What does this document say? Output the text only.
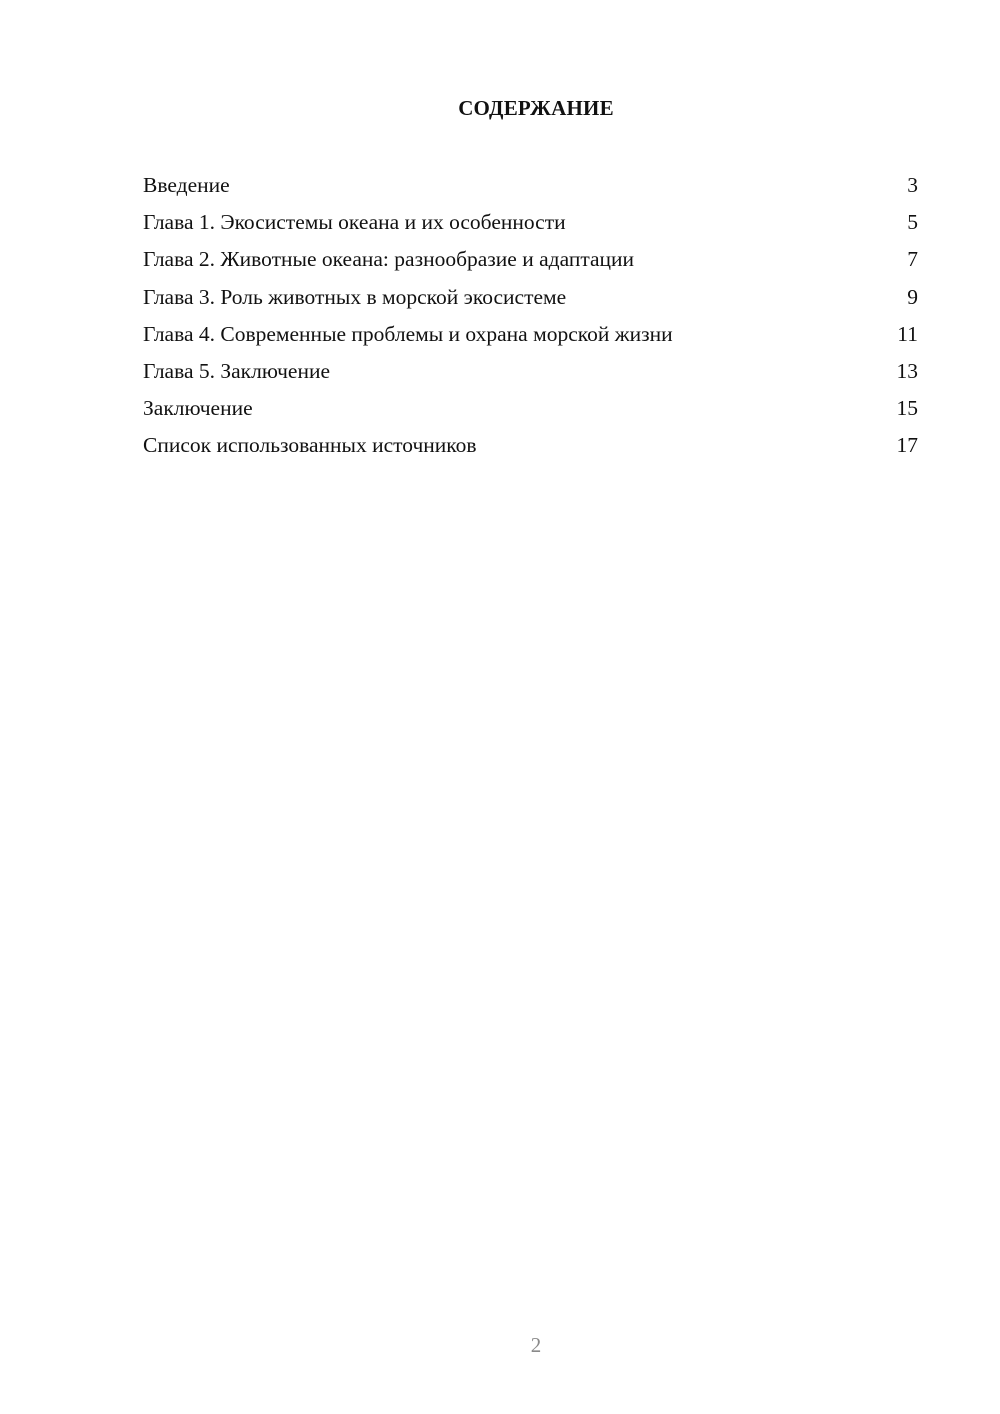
СОДЕРЖАНИЕ
Введение	3
Глава 1. Экосистемы океана и их особенности	5
Глава 2. Животные океана: разнообразие и адаптации	7
Глава 3. Роль животных в морской экосистеме	9
Глава 4. Современные проблемы и охрана морской жизни	11
Глава 5. Заключение	13
Заключение	15
Список использованных источников	17
2
